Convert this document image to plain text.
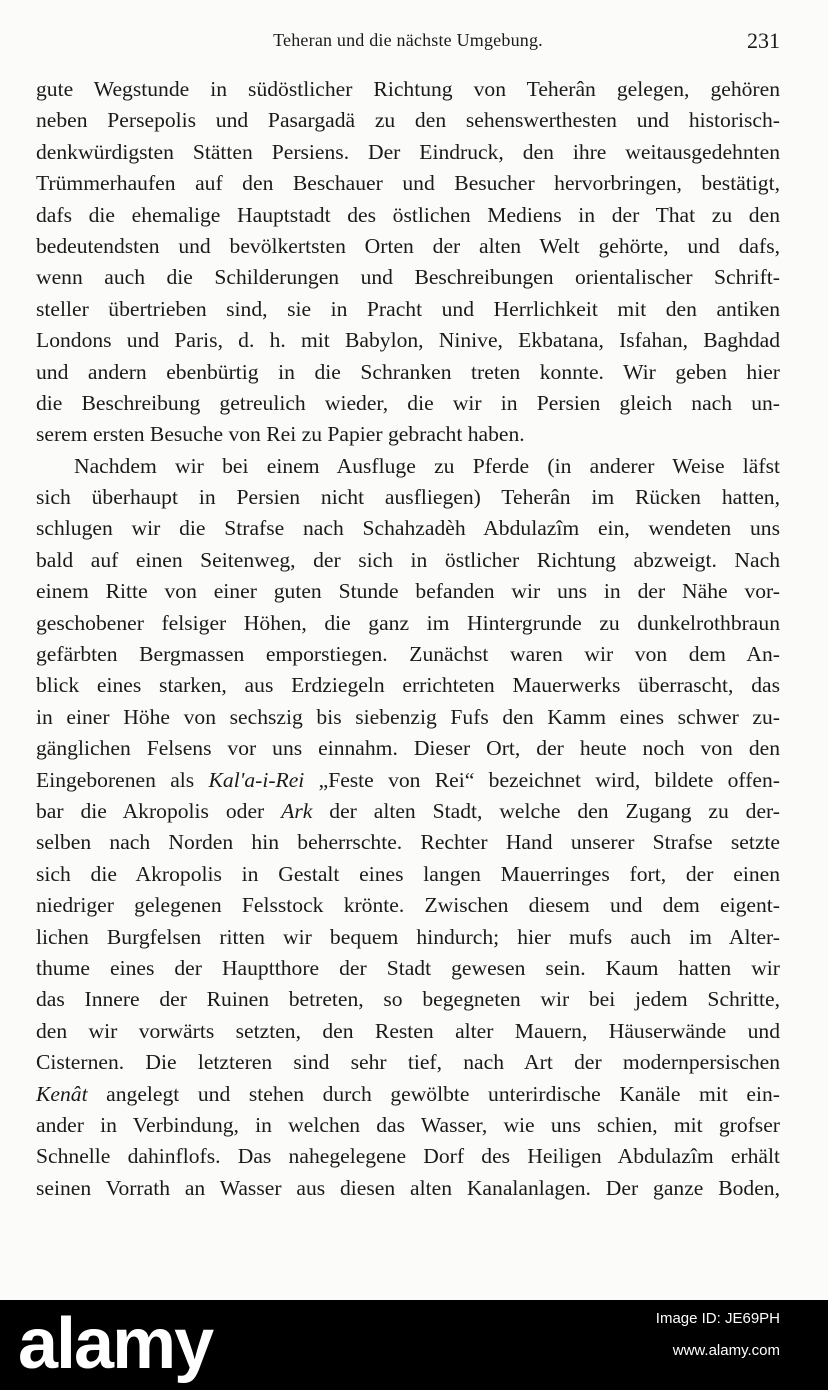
Teheran und die nächste Umgebung.	231
gute Wegstunde in südöstlicher Richtung von Teherân gelegen, gehören
neben Persepolis und Pasargadä zu den sehenswerthesten und historisch-
denkwürdigsten Stätten Persiens. Der Eindruck, den ihre weitausgedehnten
Trümmerhaufen auf den Beschauer und Besucher hervorbringen, bestätigt,
dafs die ehemalige Hauptstadt des östlichen Mediens in der That zu den
bedeutendsten und bevölkertsten Orten der alten Welt gehörte, und dafs,
wenn auch die Schilderungen und Beschreibungen orientalischer Schrift-
steller übertrieben sind, sie in Pracht und Herrlichkeit mit den antiken
Londons und Paris, d. h. mit Babylon, Ninive, Ekbatana, Isfahan, Baghdad
und andern ebenbürtig in die Schranken treten konnte. Wir geben hier
die Beschreibung getreulich wieder, die wir in Persien gleich nach un-
serem ersten Besuche von Rei zu Papier gebracht haben.
Nachdem wir bei einem Ausfluge zu Pferde (in anderer Weise läfst
sich überhaupt in Persien nicht ausfliegen) Teherân im Rücken hatten,
schlugen wir die Strafse nach Schahzadèh Abdulazîm ein, wendeten uns
bald auf einen Seitenweg, der sich in östlicher Richtung abzweigt. Nach
einem Ritte von einer guten Stunde befanden wir uns in der Nähe vor-
geschobener felsiger Höhen, die ganz im Hintergrunde zu dunkelrothbraun
gefärbten Bergmassen emporstiegen. Zunächst waren wir von dem An-
blick eines starken, aus Erdziegeln errichteten Mauerwerks überrascht, das
in einer Höhe von sechszig bis siebenzig Fufs den Kamm eines schwer zu-
gänglichen Felsens vor uns einnahm. Dieser Ort, der heute noch von den
Eingeborenen als Kal'a-i-Rei „Feste von Rei“ bezeichnet wird, bildete offen-
bar die Akropolis oder Ark der alten Stadt, welche den Zugang zu der-
selben nach Norden hin beherrschte. Rechter Hand unserer Strafse setzte
sich die Akropolis in Gestalt eines langen Mauerringes fort, der einen
niedriger gelegenen Felsstock krönte. Zwischen diesem und dem eigent-
lichen Burgfelsen ritten wir bequem hindurch; hier mufs auch im Alter-
thume eines der Hauptthore der Stadt gewesen sein. Kaum hatten wir
das Innere der Ruinen betreten, so begegneten wir bei jedem Schritte,
den wir vorwärts setzten, den Resten alter Mauern, Häuserwände und
Cisternen. Die letzteren sind sehr tief, nach Art der modernpersischen
Kenât angelegt und stehen durch gewölbte unterirdische Kanäle mit ein-
ander in Verbindung, in welchen das Wasser, wie uns schien, mit grofser
Schnelle dahinflofs. Das nahegelegene Dorf des Heiligen Abdulazîm erhält
seinen Vorrath an Wasser aus diesen alten Kanalanlagen. Der ganze Boden,
alamy	Image ID: JE69PH
www.alamy.com
